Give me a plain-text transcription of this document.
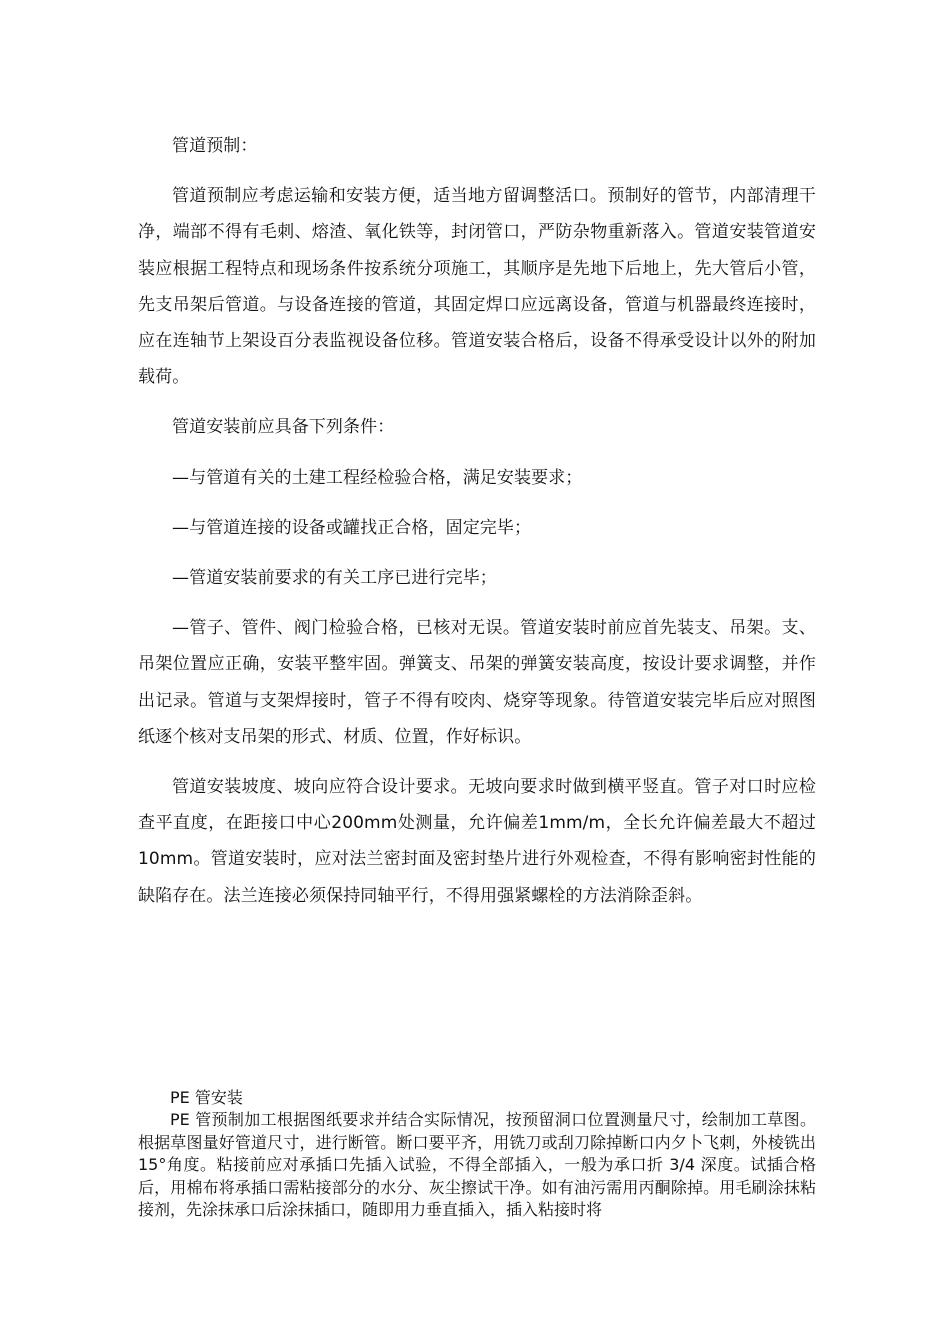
管道预制：

管道预制应考虑运输和安装方便，适当地方留调整活口。预制好的管节，内部清理干净，端部不得有毛刺、熔渣、氧化铁等，封闭管口，严防杂物重新落入。管道安装管道安装应根据工程特点和现场条件按系统分项施工，其顺序是先地下后地上，先大管后小管，先支吊架后管道。与设备连接的管道，其固定焊口应远离设备，管道与机器最终连接时，应在连轴节上架设百分表监视设备位移。管道安装合格后，设备不得承受设计以外的附加载荷。

管道安装前应具备下列条件：

—与管道有关的土建工程经检验合格，满足安装要求；

—与管道连接的设备或罐找正合格，固定完毕；

—管道安装前要求的有关工序已进行完毕；

—管子、管件、阀门检验合格，已核对无误。管道安装时前应首先装支、吊架。支、吊架位置应正确，安装平整牢固。弹簧支、吊架的弹簧安装高度，按设计要求调整，并作出记录。管道与支架焊接时，管子不得有咬肉、烧穿等现象。待管道安装完毕后应对照图纸逐个核对支吊架的形式、材质、位置，作好标识。

管道安装坡度、坡向应符合设计要求。无坡向要求时做到横平竖直。管子对口时应检查平直度，在距接口中心200mm处测量，允许偏差1mm/m，全长允许偏差最大不超过10mm。管道安装时，应对法兰密封面及密封垫片进行外观检查，不得有影响密封性能的缺陷存在。法兰连接必须保持同轴平行，不得用强紧螺栓的方法消除歪斜。

PE 管安装

PE 管预制加工根据图纸要求并结合实际情况，按预留洞口位置测量尺寸，绘制加工草图。根据草图量好管道尺寸，进行断管。断口要平齐，用铣刀或刮刀除掉断口内夕卜飞刺，外棱铣出 15°角度。粘接前应对承插口先插入试验，不得全部插入，一般为承口折 3/4 深度。试插合格后，用棉布将承插口需粘接部分的水分、灰尘擦试干净。如有油污需用丙酮除掉。用毛刷涂抹粘接剂，先涂抹承口后涂抹插口，随即用力垂直插入，插入粘接时将
